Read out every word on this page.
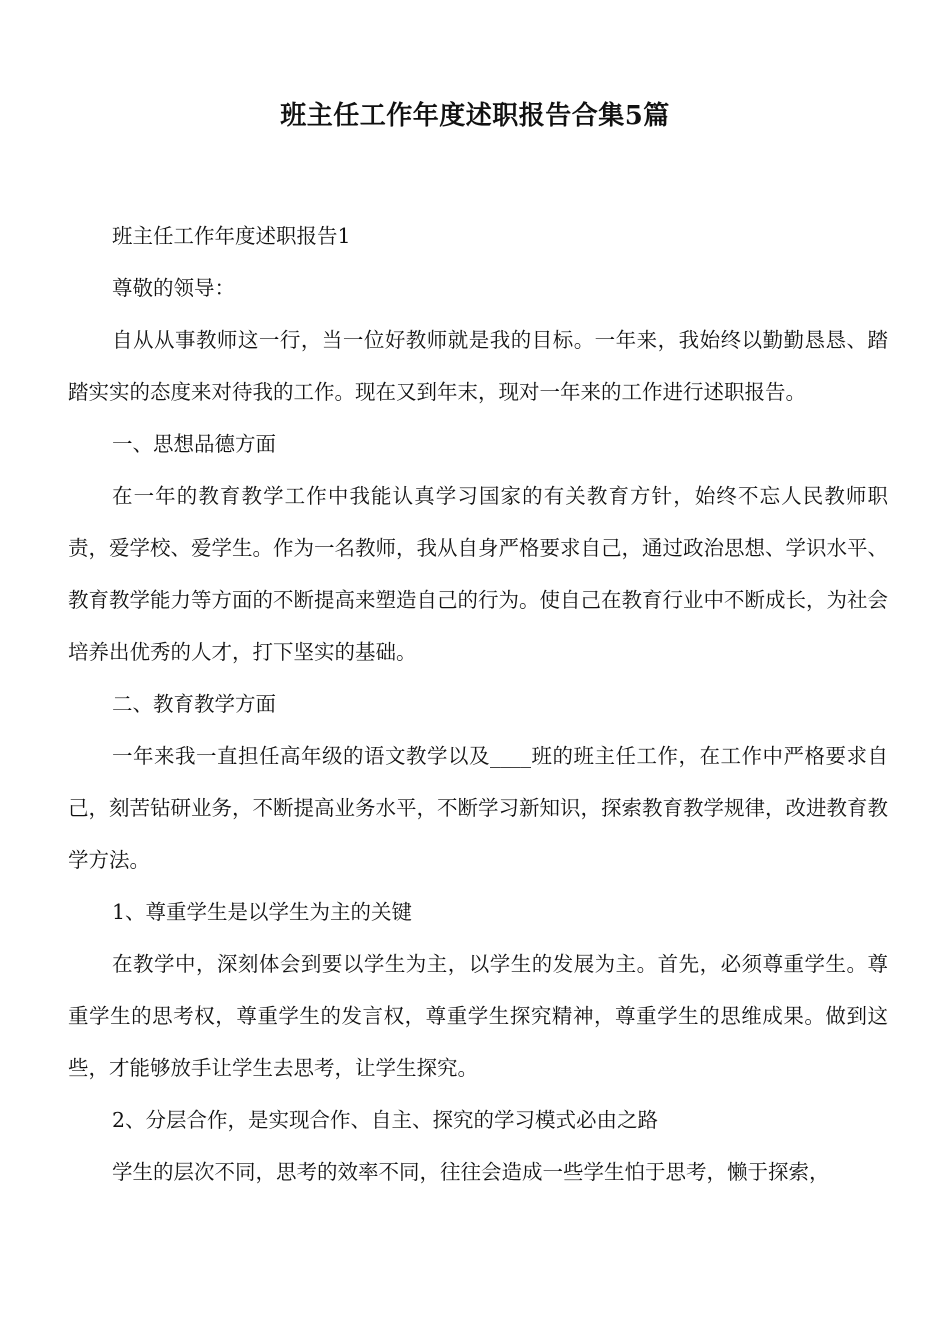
班主任工作年度述职报告合集5篇

班主任工作年度述职报告1

尊敬的领导：

自从从事教师这一行，当一位好教师就是我的目标。一年来，我始终以勤勤恳恳、踏踏实实的态度来对待我的工作。现在又到年末，现对一年来的工作进行述职报告。

一、思想品德方面

在一年的教育教学工作中我能认真学习国家的有关教育方针，始终不忘人民教师职责，爱学校、爱学生。作为一名教师，我从自身严格要求自己，通过政治思想、学识水平、教育教学能力等方面的不断提高来塑造自己的行为。使自己在教育行业中不断成长，为社会培养出优秀的人才，打下坚实的基础。

二、教育教学方面

一年来我一直担任高年级的语文教学以及____班的班主任工作，在工作中严格要求自己，刻苦钻研业务，不断提高业务水平，不断学习新知识，探索教育教学规律，改进教育教学方法。

1、尊重学生是以学生为主的关键

在教学中，深刻体会到要以学生为主，以学生的发展为主。首先，必须尊重学生。尊重学生的思考权，尊重学生的发言权，尊重学生探究精神，尊重学生的思维成果。做到这些，才能够放手让学生去思考，让学生探究。

2、分层合作，是实现合作、自主、探究的学习模式必由之路

学生的层次不同，思考的效率不同，往往会造成一些学生怕于思考，懒于探索，
